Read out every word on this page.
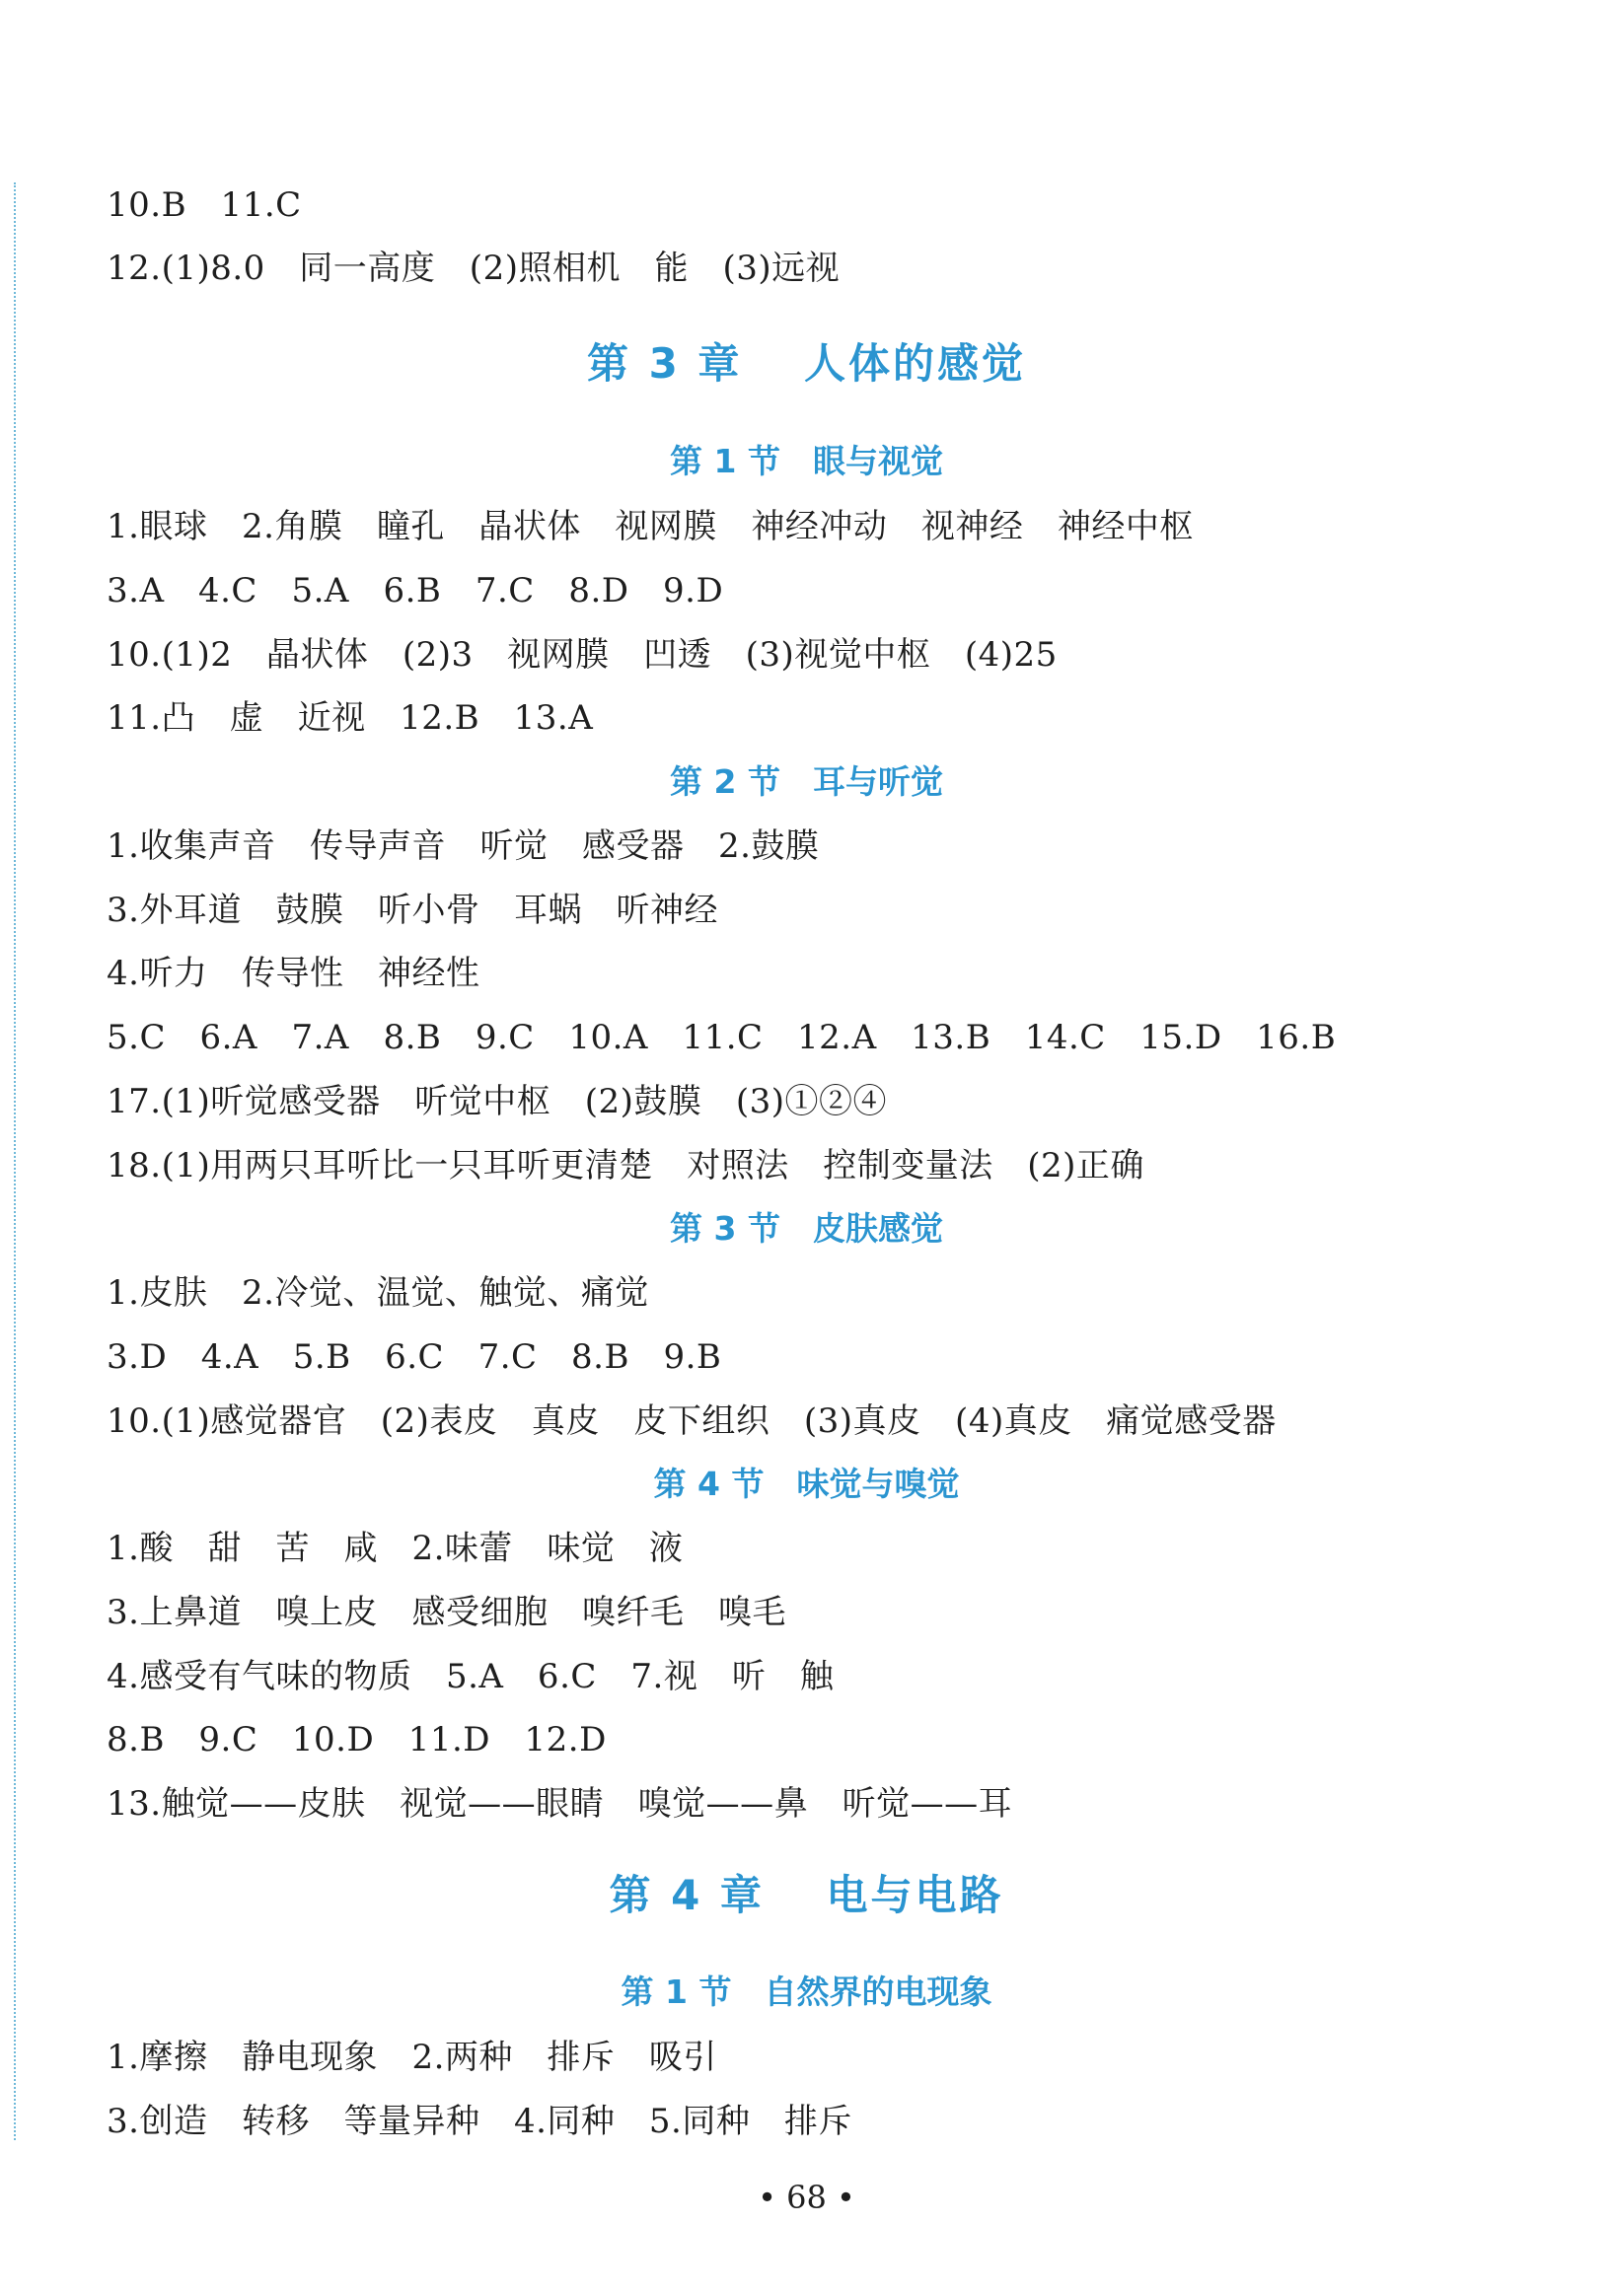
10.B　11.C
12.(1)8.0　同一高度　(2)照相机　能　(3)远视
第 3 章　 人体的感觉
第 1 节　眼与视觉
1.眼球　2.角膜　瞳孔　晶状体　视网膜　神经冲动　视神经　神经中枢
3.A　4.C　5.A　6.B　7.C　8.D　9.D
10.(1)2　晶状体　(2)3　视网膜　凹透　(3)视觉中枢　(4)25
11.凸　虚　近视　12.B　13.A
第 2 节　耳与听觉
1.收集声音　传导声音　听觉　感受器　2.鼓膜
3.外耳道　鼓膜　听小骨　耳蜗　听神经
4.听力　传导性　神经性
5.C　6.A　7.A　8.B　9.C　10.A　11.C　12.A　13.B　14.C　15.D　16.B
17.(1)听觉感受器　听觉中枢　(2)鼓膜　(3)①②④
18.(1)用两只耳听比一只耳听更清楚　对照法　控制变量法　(2)正确
第 3 节　皮肤感觉
1.皮肤　2.冷觉、温觉、触觉、痛觉
3.D　4.A　5.B　6.C　7.C　8.B　9.B
10.(1)感觉器官　(2)表皮　真皮　皮下组织　(3)真皮　(4)真皮　痛觉感受器
第 4 节　味觉与嗅觉
1.酸　甜　苦　咸　2.味蕾　味觉　液
3.上鼻道　嗅上皮　感受细胞　嗅纤毛　嗅毛
4.感受有气味的物质　5.A　6.C　7.视　听　触
8.B　9.C　10.D　11.D　12.D
13.触觉——皮肤　视觉——眼睛　嗅觉——鼻　听觉——耳
第 4 章　 电与电路
第 1 节　自然界的电现象
1.摩擦　静电现象　2.两种　排斥　吸引
3.创造　转移　等量异种　4.同种　5.同种　排斥
• 68 •
